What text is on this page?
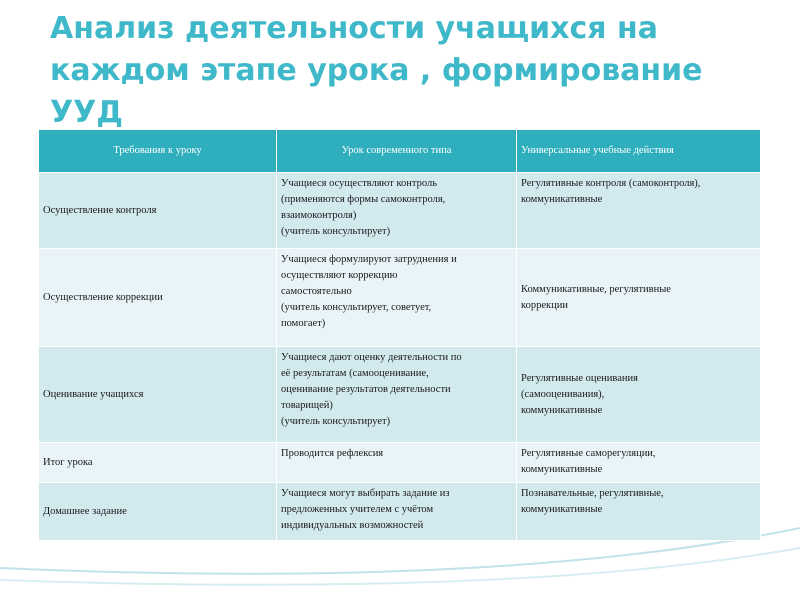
Анализ деятельности учащихся на каждом этапе урока , формирование УУД
Требования к уроку	Урок современного типа	Универсальные учебные действия
Осуществление контроля	Учащиеся осуществляют контроль
(применяются формы самоконтроля,
взаимоконтроля)
(учитель консультирует)	Регулятивные контроля (самоконтроля),
коммуникативные

Осуществление коррекции	Учащиеся формулируют затруднения и
осуществляют коррекцию
самостоятельно
(учитель консультирует, советует,
помогает)	Коммуникативные, регулятивные
коррекции

Оценивание учащихся	Учащиеся дают оценку деятельности по
её результатам (самооценивание,
оценивание результатов деятельности
товарищей)
(учитель консультирует)	Регулятивные оценивания
(самооценивания),
коммуникативные

Итог урока	Проводится рефлексия	Регулятивные саморегуляции,
коммуникативные

Домашнее задание	Учащиеся могут выбирать задание из
предложенных учителем с учётом
индивидуальных возможностей	Познавательные, регулятивные,
коммуникативные
